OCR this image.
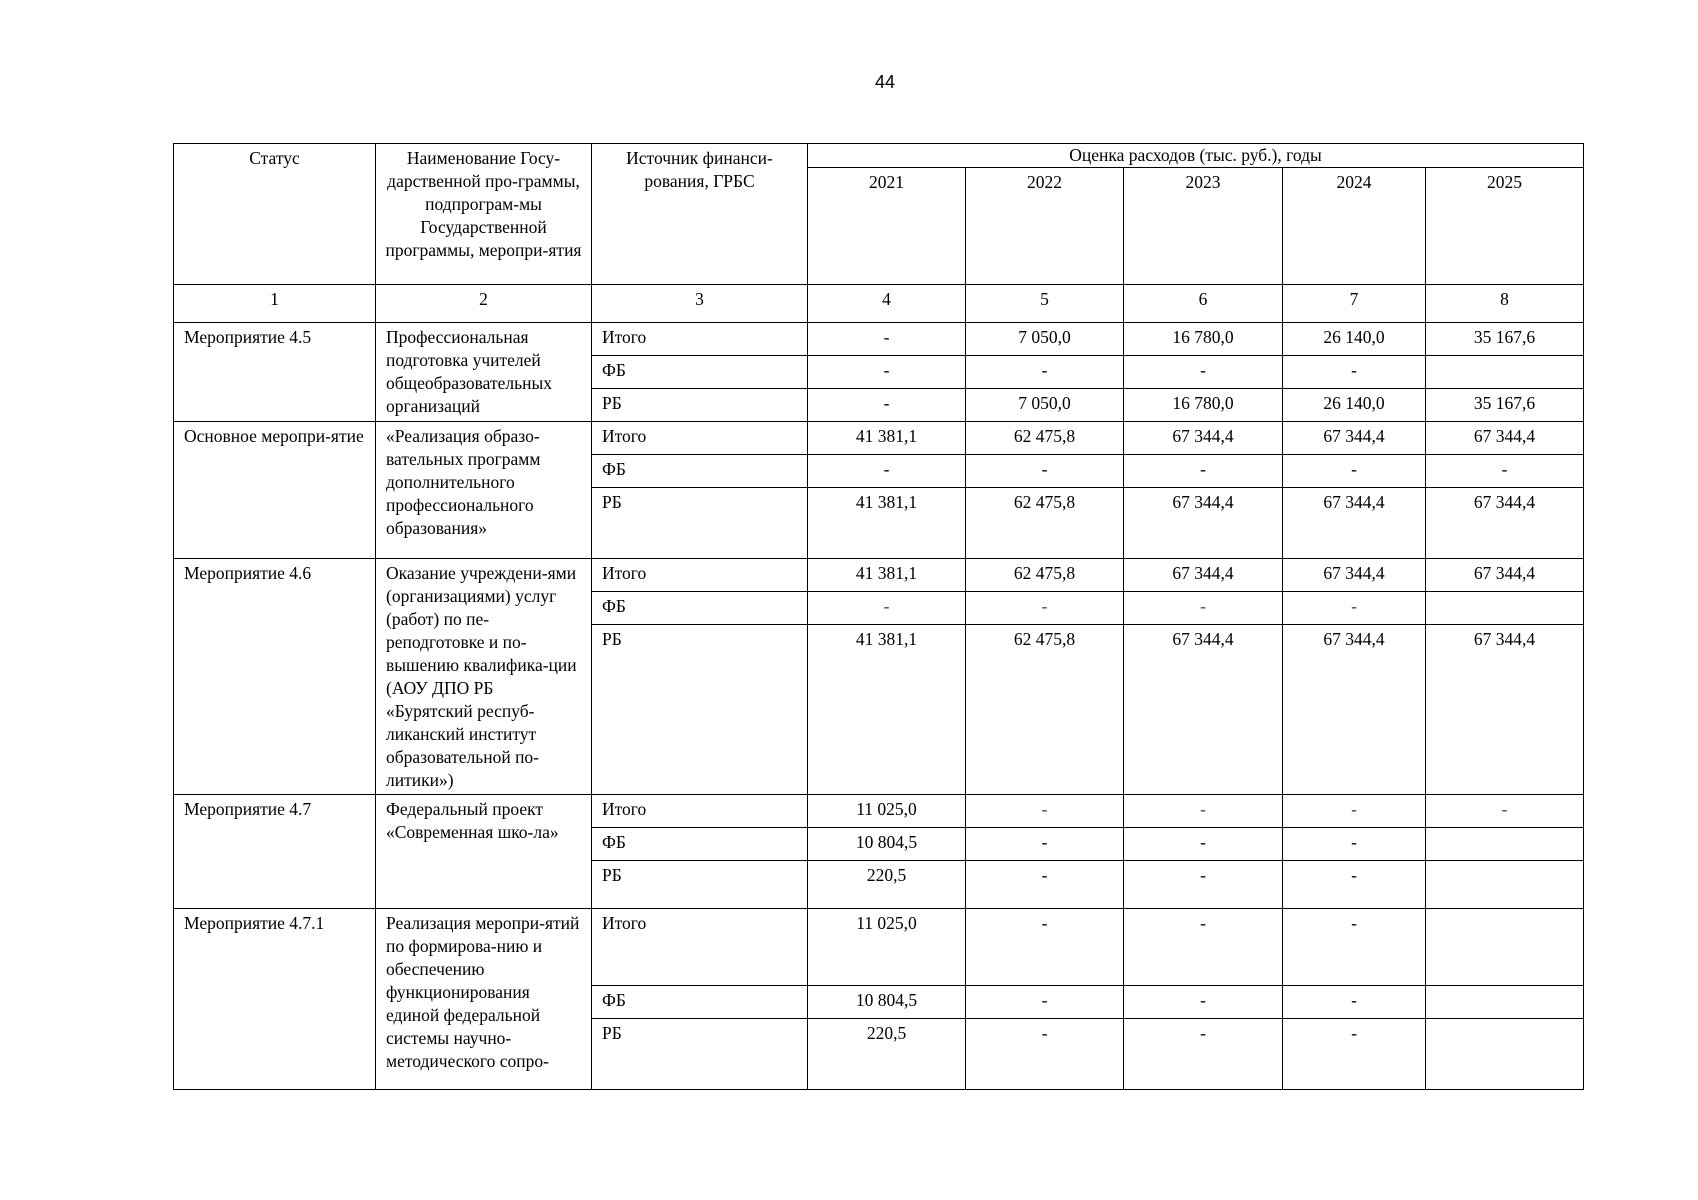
44
Статус	Наименование Госу-дарственной про-граммы, подпрограм-мы Государственной программы, меропри-ятия	Источник финанси-рования, ГРБС	Оценка расходов (тыс. руб.), годы				
			2021	2022	2023	2024	2025
1	2	3	4	5	6	7	8
Мероприятие 4.5	Профессиональная подготовка учителей общеобразовательных организаций	Итого	-	7 050,0	16 780,0	26 140,0	35 167,6
		ФБ	-	-	-	-	
		РБ	-	7 050,0	16 780,0	26 140,0	35 167,6
Основное меропри-ятие	«Реализация образо-вательных программ дополнительного профессионального образования»	Итого	41 381,1	62 475,8	67 344,4	67 344,4	67 344,4
		ФБ	-	-	-	-	-
		РБ	41 381,1	62 475,8	67 344,4	67 344,4	67 344,4
Мероприятие 4.6	Оказание учреждени-ями (организациями) услуг (работ) по пе-реподготовке и по-вышению квалифика-ции (АОУ ДПО РБ «Бурятский респуб-ликанский институт образовательной по-литики»)	Итого	41 381,1	62 475,8	67 344,4	67 344,4	67 344,4
		ФБ	-	-	-	-	
		РБ	41 381,1	62 475,8	67 344,4	67 344,4	67 344,4
Мероприятие 4.7	Федеральный проект «Современная шко-ла»	Итого	11 025,0	-	-	-	-
		ФБ	10 804,5	-	-	-	
		РБ	220,5	-	-	-	
Мероприятие 4.7.1	Реализация меропри-ятий по формирова-нию и обеспечению функционирования единой федеральной системы научно-методического сопро-	Итого	11 025,0	-	-	-	
		ФБ	10 804,5	-	-	-	
		РБ	220,5	-	-	-	
